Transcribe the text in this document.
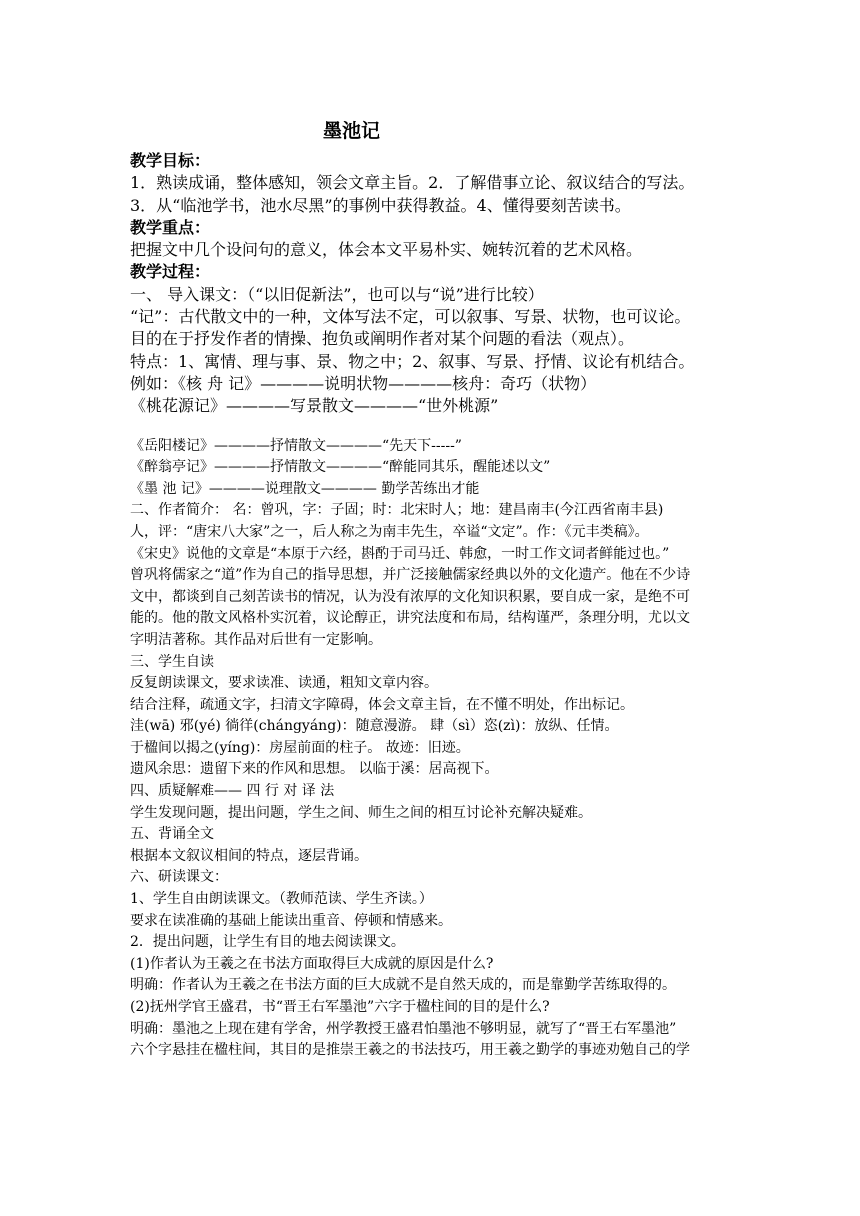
墨池记
教学目标：
1．熟读成诵，整体感知，领会文章主旨。2．了解借事立论、叙议结合的写法。
3．从“临池学书，池水尽黑”的事例中获得教益。4、懂得要刻苦读书。
教学重点：
把握文中几个设问句的意义，体会本文平易朴实、婉转沉着的艺术风格。
教学过程：
一、 导入课文：（“以旧促新法”，也可以与“说”进行比较）
“记”：古代散文中的一种，文体写法不定，可以叙事、写景、状物，也可议论。
目的在于抒发作者的情操、抱负或阐明作者对某个问题的看法（观点）。
特点：1、寓情、理与事、景、物之中；2、叙事、写景、抒情、议论有机结合。
例如：《核 舟 记》————说明状物————核舟：奇巧（状物）
《桃花源记》————写景散文————“世外桃源”
《岳阳楼记》————抒情散文————“先天下-----”
《醉翁亭记》————抒情散文————“醉能同其乐，醒能述以文”
《墨 池 记》————说理散文———— 勤学苦练出才能
二、作者简介： 名：曾巩，字：子固；时：北宋时人；地：建昌南丰(今江西省南丰县)
人，评：“唐宋八大家”之一，后人称之为南丰先生，卒谥“文定”。作：《元丰类稿》。
《宋史》说他的文章是“本原于六经，斟酌于司马迁、韩愈，一时工作文词者鲜能过也。”
曾巩将儒家之“道”作为自己的指导思想，并广泛接触儒家经典以外的文化遗产。他在不少诗
文中，都谈到自己刻苦读书的情况，认为没有浓厚的文化知识积累，要自成一家，是绝不可
能的。他的散文风格朴实沉着，议论醇正，讲究法度和布局，结构谨严，条理分明，尤以文
字明洁著称。其作品对后世有一定影响。
三、学生自读
反复朗读课文，要求读准、读通，粗知文章内容。
结合注释，疏通文字，扫清文字障碍，体会文章主旨，在不懂不明处，作出标记。
洼(wā) 邪(yé) 徜徉(chángyáng)：随意漫游。 肆（sì）恣(zì)：放纵、任情。
于楹间以揭之(yíng)：房屋前面的柱子。 故迹：旧迹。
遗风余思：遗留下来的作风和思想。 以临于溪：居高视下。
四、质疑解难—— 四 行 对 译 法
学生发现问题，提出问题，学生之间、师生之间的相互讨论补充解决疑难。
五、背诵全文
根据本文叙议相间的特点，逐层背诵。
六、研读课文：
1、学生自由朗读课文。（教师范读、学生齐读。）
要求在读准确的基础上能读出重音、停顿和情感来。
2．提出问题，让学生有目的地去阅读课文。
(1)作者认为王羲之在书法方面取得巨大成就的原因是什么?
明确：作者认为王羲之在书法方面的巨大成就不是自然天成的，而是靠勤学苦练取得的。
(2)抚州学官王盛君，书“晋王右军墨池”六字于楹柱间的目的是什么?
明确：墨池之上现在建有学舍，州学教授王盛君怕墨池不够明显，就写了“晋王右军墨池”
六个字悬挂在楹柱间，其目的是推崇王羲之的书法技巧，用王羲之勤学的事迹劝勉自己的学
